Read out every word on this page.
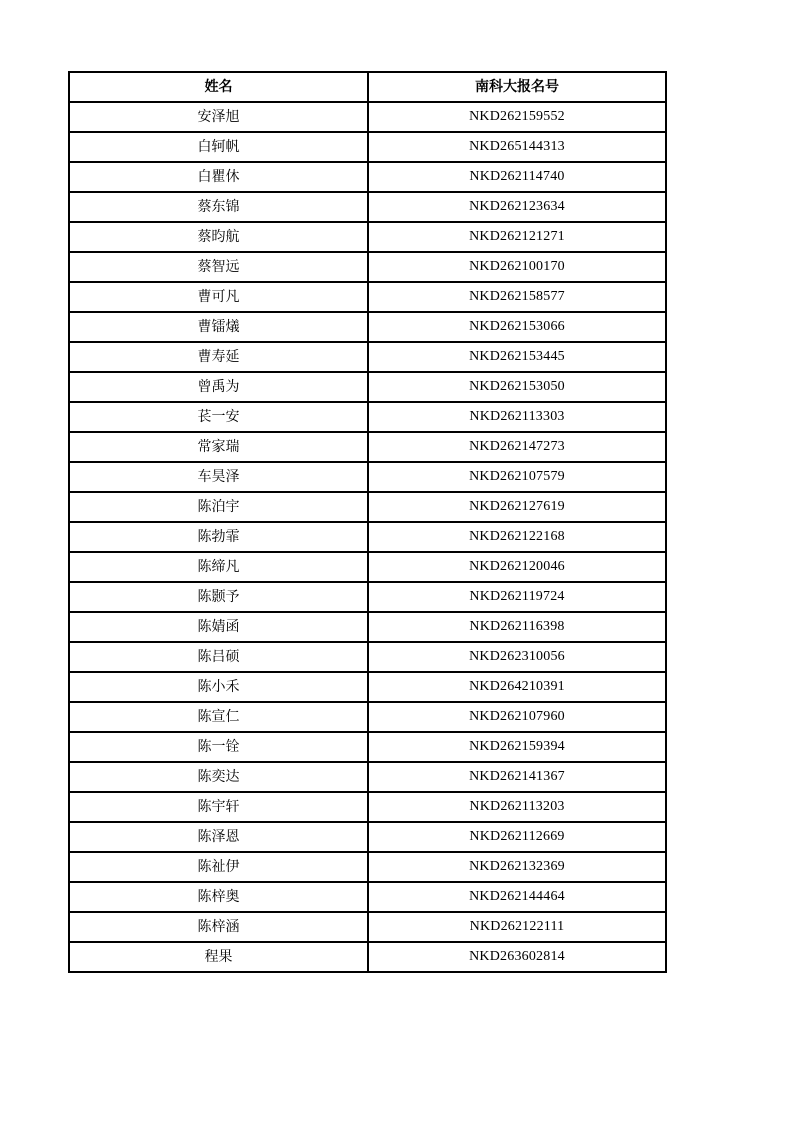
姓名	南科大报名号
安泽旭	NKD262159552
白轲帆	NKD265144313
白瞿休	NKD262114740
蔡东锦	NKD262123634
蔡昀航	NKD262121271
蔡智远	NKD262100170
曹可凡	NKD262158577
曹镭燨	NKD262153066
曹寿延	NKD262153445
曾禹为	NKD262153050
苌一安	NKD262113303
常家瑞	NKD262147273
车昊泽	NKD262107579
陈泊宇	NKD262127619
陈勃霏	NKD262122168
陈缔凡	NKD262120046
陈颢予	NKD262119724
陈婧函	NKD262116398
陈吕硕	NKD262310056
陈小禾	NKD264210391
陈宣仁	NKD262107960
陈一铨	NKD262159394
陈奕达	NKD262141367
陈宇轩	NKD262113203
陈泽恩	NKD262112669
陈祉伊	NKD262132369
陈梓奥	NKD262144464
陈梓涵	NKD262122111
程果	NKD263602814
